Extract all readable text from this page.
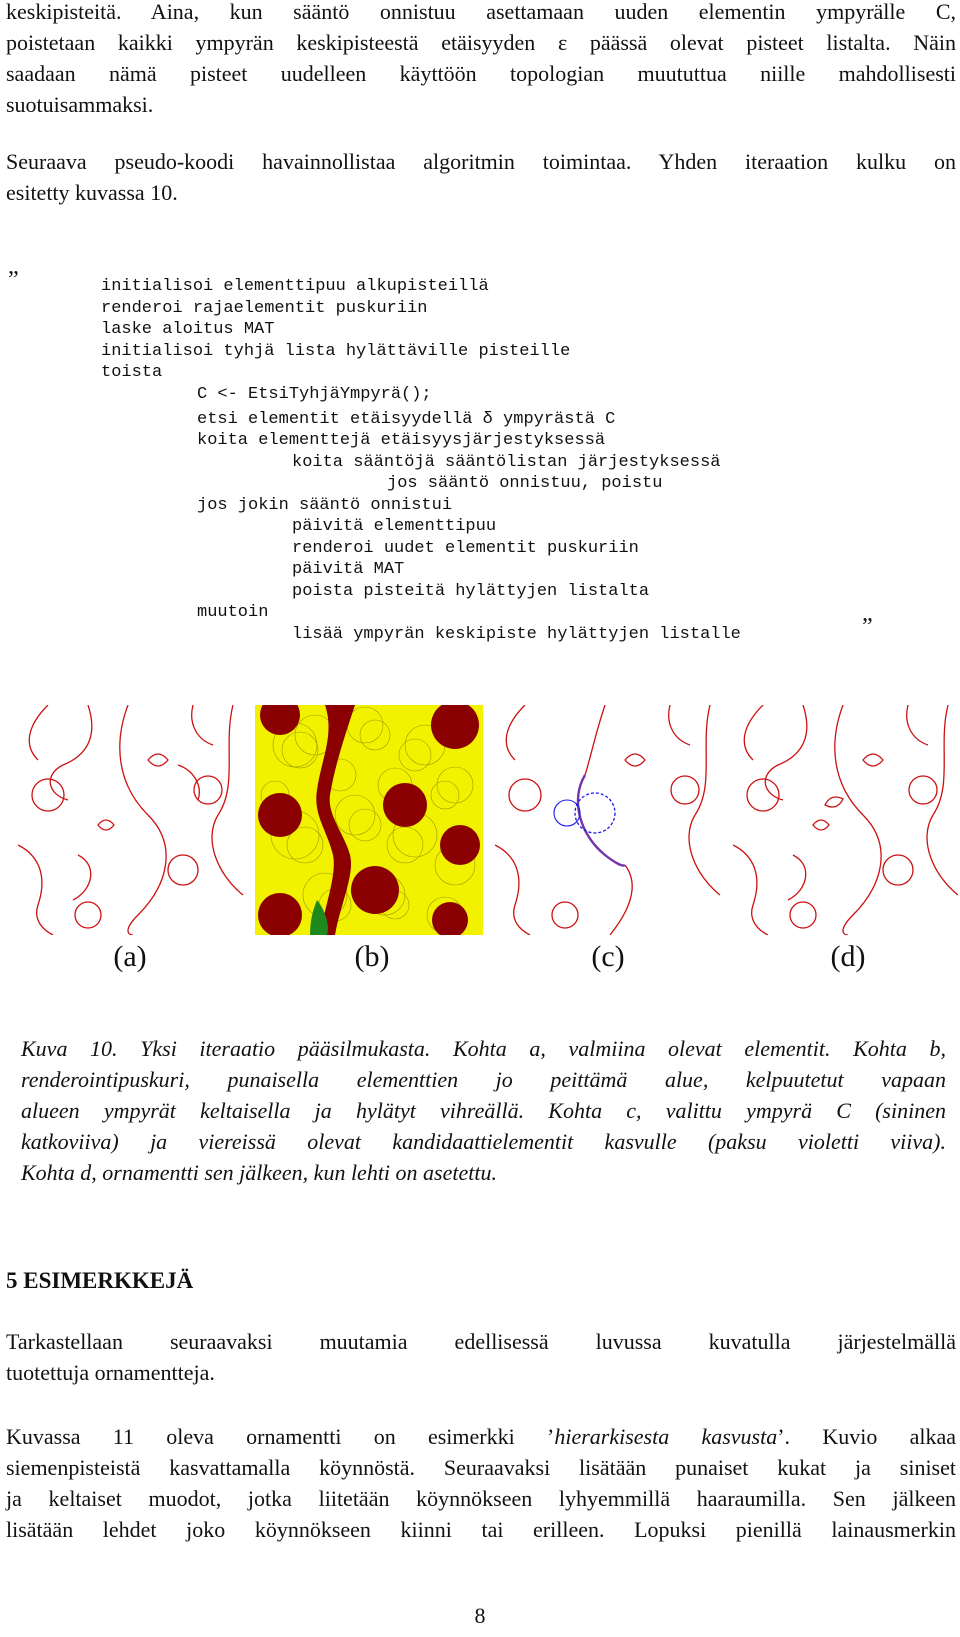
keskipisteitä. Aina, kun sääntö onnistuu asettamaan uuden elementin ympyrälle C,
poistetaan kaikki ympyrän keskipisteestä etäisyyden ε päässä olevat pisteet listalta. Näin
saadaan nämä pisteet uudelleen käyttöön topologian muututtua niille mahdollisesti
suotuisammaksi.
Seuraava pseudo-koodi havainnollistaa algoritmin toimintaa. Yhden iteraation kulku on
esitetty kuvassa 10.
”	initialisoi elementtipuu alkupisteillä
renderoi rajaelementit puskuriin
laske aloitus MAT
initialisoi tyhjä lista hylättäville pisteille
toista
C <- EtsiTyhjäYmpyrä();
etsi elementit etäisyydellä δ ympyrästä C
koita elementtejä etäisyysjärjestyksessä
koita sääntöjä sääntölistan järjestyksessä
jos sääntö onnistuu, poistu
jos jokin sääntö onnistui
päivitä elementtipuu
renderoi uudet elementit puskuriin
päivitä MAT
poista pisteitä hylättyjen listalta
muutoin
lisää ympyrän keskipiste hylättyjen listalle	”
(a)	(b)	(c)	(d)
Kuva 10. Yksi iteraatio pääsilmukasta. Kohta a, valmiina olevat elementit. Kohta b,
renderointipuskuri, punaisella elementtien jo peittämä alue, kelpuutetut vapaan
alueen ympyrät keltaisella ja hylätyt vihreällä. Kohta c, valittu ympyrä C (sininen
katkoviiva) ja viereissä olevat kandidaattielementit kasvulle (paksu violetti viiva).
Kohta d, ornamentti sen jälkeen, kun lehti on asetettu.
5 ESIMERKKEJÄ
Tarkastellaan seuraavaksi muutamia edellisessä luvussa kuvatulla järjestelmällä
tuotettuja ornamentteja.
Kuvassa 11 oleva ornamentti on esimerkki ’hierarkisesta kasvusta’. Kuvio alkaa
siemenpisteistä kasvattamalla köynnöstä. Seuraavaksi lisätään punaiset kukat ja siniset
ja keltaiset muodot, jotka liitetään köynnökseen lyhyemmillä haaraumilla. Sen jälkeen
lisätään lehdet joko köynnökseen kiinni tai erilleen. Lopuksi pienillä lainausmerkin
8
